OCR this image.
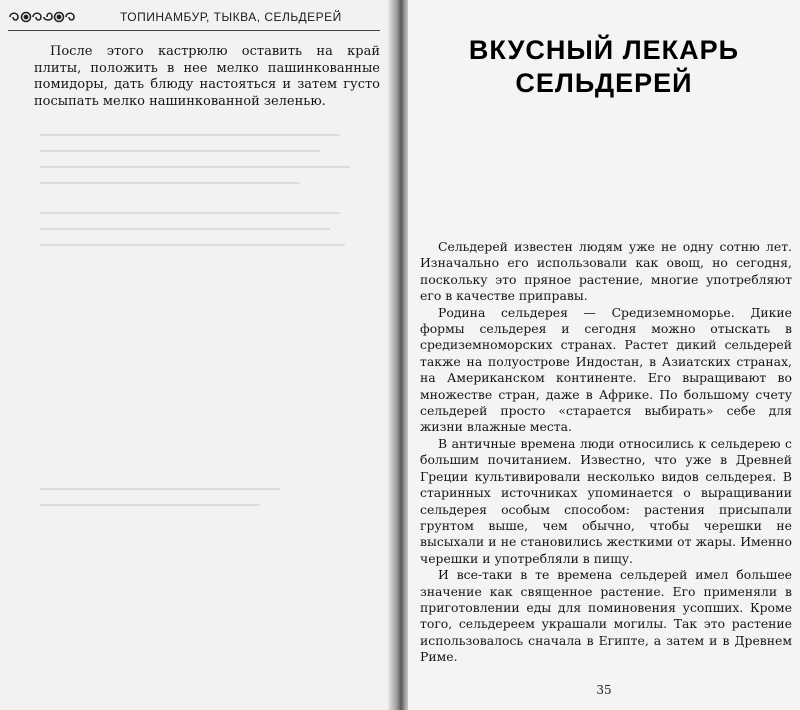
ТОПИНАМБУР, ТЫКВА, СЕЛЬДЕРЕЙ

После этого кастрюлю оставить на край плиты, положить в нее мелко пашинкованные помидоры, дать блюду настояться и затем густо посыпать мелко нашинкованной зеленью.

ВКУСНЫЙ ЛЕКАРЬ
СЕЛЬДЕРЕЙ

Сельдерей известен людям уже не одну сотню лет. Изначально его использовали как овощ, но сегодня, поскольку это пряное растение, многие употребляют его в качестве приправы.

Родина сельдерея — Средиземноморье. Дикие формы сельдерея и сегодня можно отыскать в средиземноморских странах. Растет дикий сельдерей также на полуострове Индостан, в Азиатских странах, на Американском континенте. Его выращивают во множестве стран, даже в Африке. По большому счету сельдерей просто «старается выбирать» себе для жизни влажные места.

В античные времена люди относились к сельдерею с большим почитанием. Известно, что уже в Древней Греции культивировали несколько видов сельдерея. В старинных источниках упоминается о выращивании сельдерея особым способом: растения присыпали грунтом выше, чем обычно, чтобы черешки не высыхали и не становились жесткими от жары. Именно черешки и употребляли в пищу.

И все-таки в те времена сельдерей имел большее значение как священное растение. Его применяли в приготовлении еды для поминовения усопших. Кроме того, сельдереем украшали могилы. Так это растение использовалось сначала в Египте, а затем и в Древнем Риме.

35
